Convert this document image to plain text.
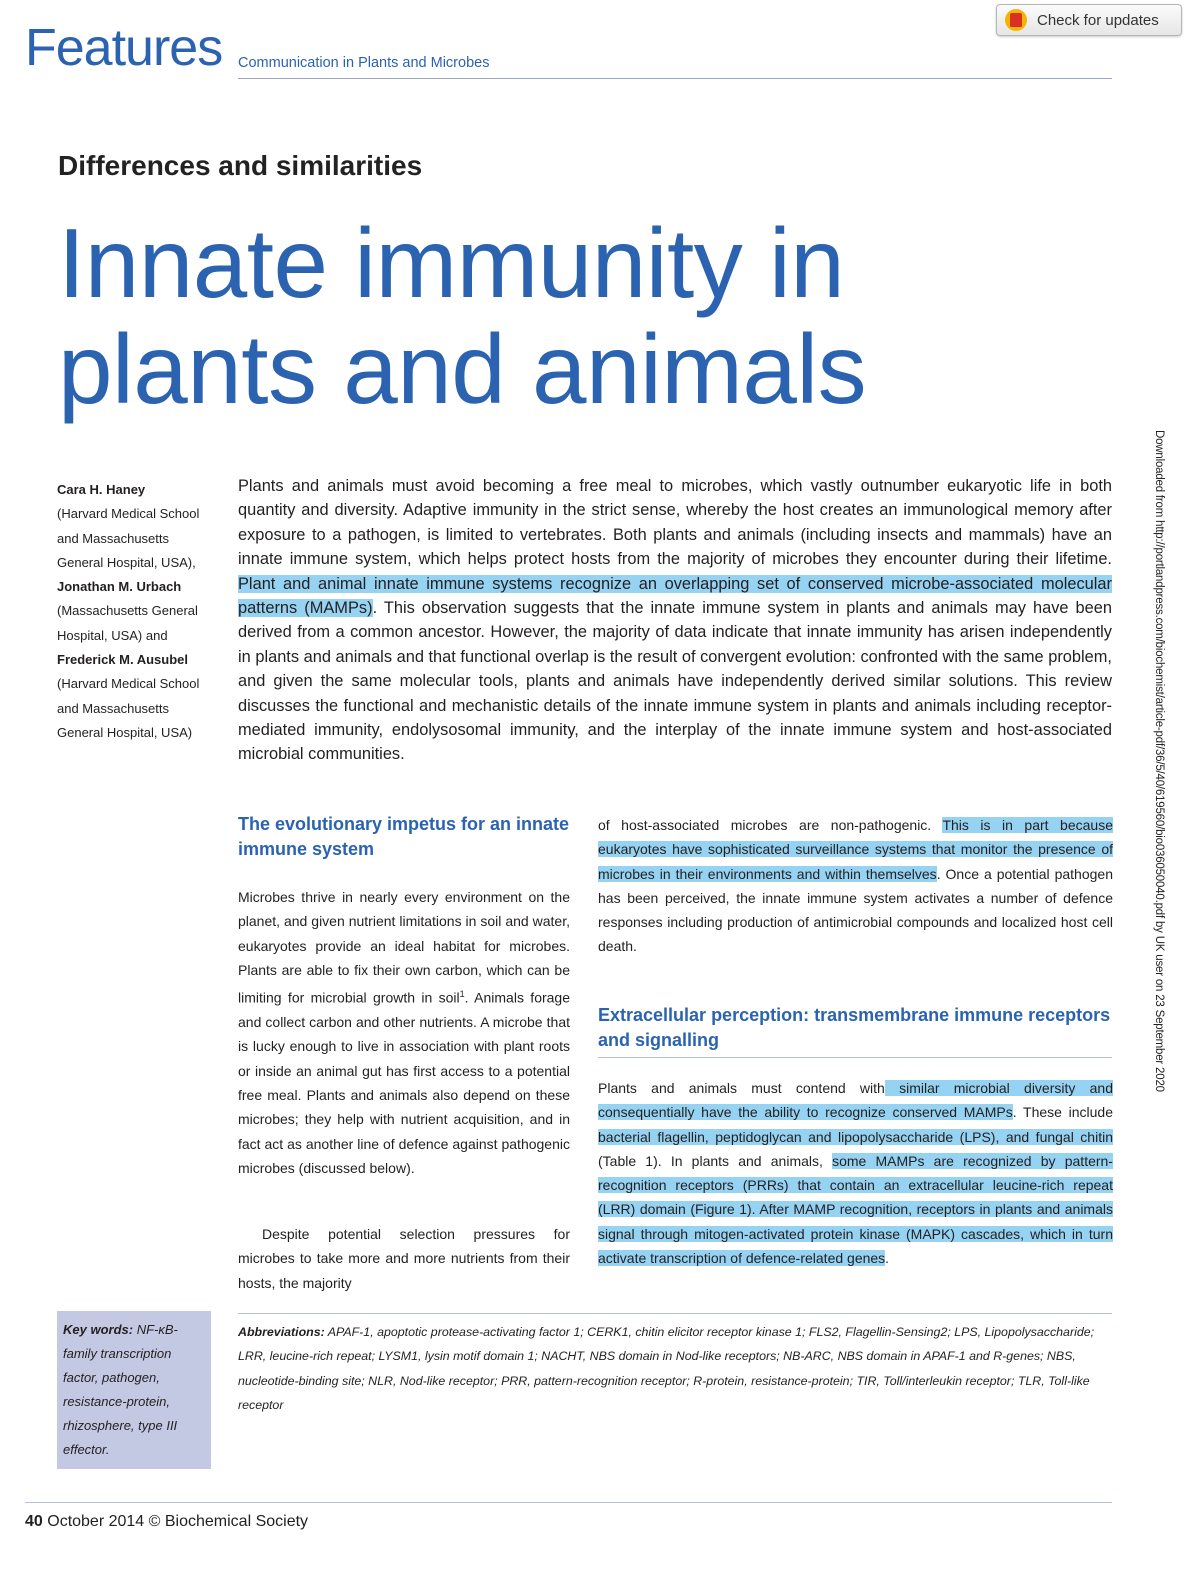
Check for updates
Features Communication in Plants and Microbes
Differences and similarities
Innate immunity in
plants and animals
Cara H. Haney
(Harvard Medical School and Massachusetts General Hospital, USA),
Jonathan M. Urbach (Massachusetts General Hospital, USA) and
Frederick M. Ausubel (Harvard Medical School and Massachusetts General Hospital, USA)
Plants and animals must avoid becoming a free meal to microbes, which vastly outnumber eukaryotic life in both quantity and diversity. Adaptive immunity in the strict sense, whereby the host creates an immunological memory after exposure to a pathogen, is limited to vertebrates. Both plants and animals (including insects and mammals) have an innate immune system, which helps protect hosts from the majority of microbes they encounter during their lifetime. Plant and animal innate immune systems recognize an overlapping set of conserved microbe-associated molecular patterns (MAMPs). This observation suggests that the innate immune system in plants and animals may have been derived from a common ancestor. However, the majority of data indicate that innate immunity has arisen independently in plants and animals and that functional overlap is the result of convergent evolution: confronted with the same problem, and given the same molecular tools, plants and animals have independently derived similar solutions. This review discusses the functional and mechanistic details of the innate immune system in plants and animals including receptor-mediated immunity, endolysosomal immunity, and the interplay of the innate immune system and host-associated microbial communities.
The evolutionary impetus for an innate immune system
Microbes thrive in nearly every environment on the planet, and given nutrient limitations in soil and water, eukaryotes provide an ideal habitat for microbes. Plants are able to fix their own carbon, which can be limiting for microbial growth in soil$^1$. Animals forage and collect carbon and other nutrients. A microbe that is lucky enough to live in association with plant roots or inside an animal gut has first access to a potential free meal. Plants and animals also depend on these microbes; they help with nutrient acquisition, and in fact act as another line of defence against pathogenic microbes (discussed below).
Despite potential selection pressures for microbes to take more and more nutrients from their hosts, the majority
of host-associated microbes are non-pathogenic. This is in part because eukaryotes have sophisticated surveillance systems that monitor the presence of microbes in their environments and within themselves. Once a potential pathogen has been perceived, the innate immune system activates a number of defence responses including production of antimicrobial compounds and localized host cell death.
Extracellular perception: transmembrane immune receptors and signalling
Plants and animals must contend with similar microbial diversity and consequentially have the ability to recognize conserved MAMPs. These include bacterial flagellin, peptidoglycan and lipopolysaccharide (LPS), and fungal chitin (Table 1). In plants and animals, some MAMPs are recognized by pattern-recognition receptors (PRRs) that contain an extracellular leucine-rich repeat (LRR) domain (Figure 1). After MAMP recognition, receptors in plants and animals signal through mitogen-activated protein kinase (MAPK) cascades, which in turn activate transcription of defence-related genes.
Abbreviations: APAF-1, apoptotic protease-activating factor 1; CERK1, chitin elicitor receptor kinase 1; FLS2, Flagellin-Sensing2; LPS, Lipopolysaccharide; LRR, leucine-rich repeat; LYSM1, lysin motif domain 1; NACHT, NBS domain in Nod-like receptors; NB-ARC, NBS domain in APAF-1 and R-genes; NBS, nucleotide-binding site; NLR, Nod-like receptor; PRR, pattern-recognition receptor; R-protein, resistance-protein; TIR, Toll/interleukin receptor; TLR, Toll-like receptor
Key words: NF-κB-family transcription factor, pathogen, resistance-protein, rhizosphere, type III effector.
40 October 2014 © Biochemical Society
Downloaded from http://portlandpress.com/biochemist/article-pdf/36/5/40/619560/bio036050040.pdf by UK user on 23 September 2020
